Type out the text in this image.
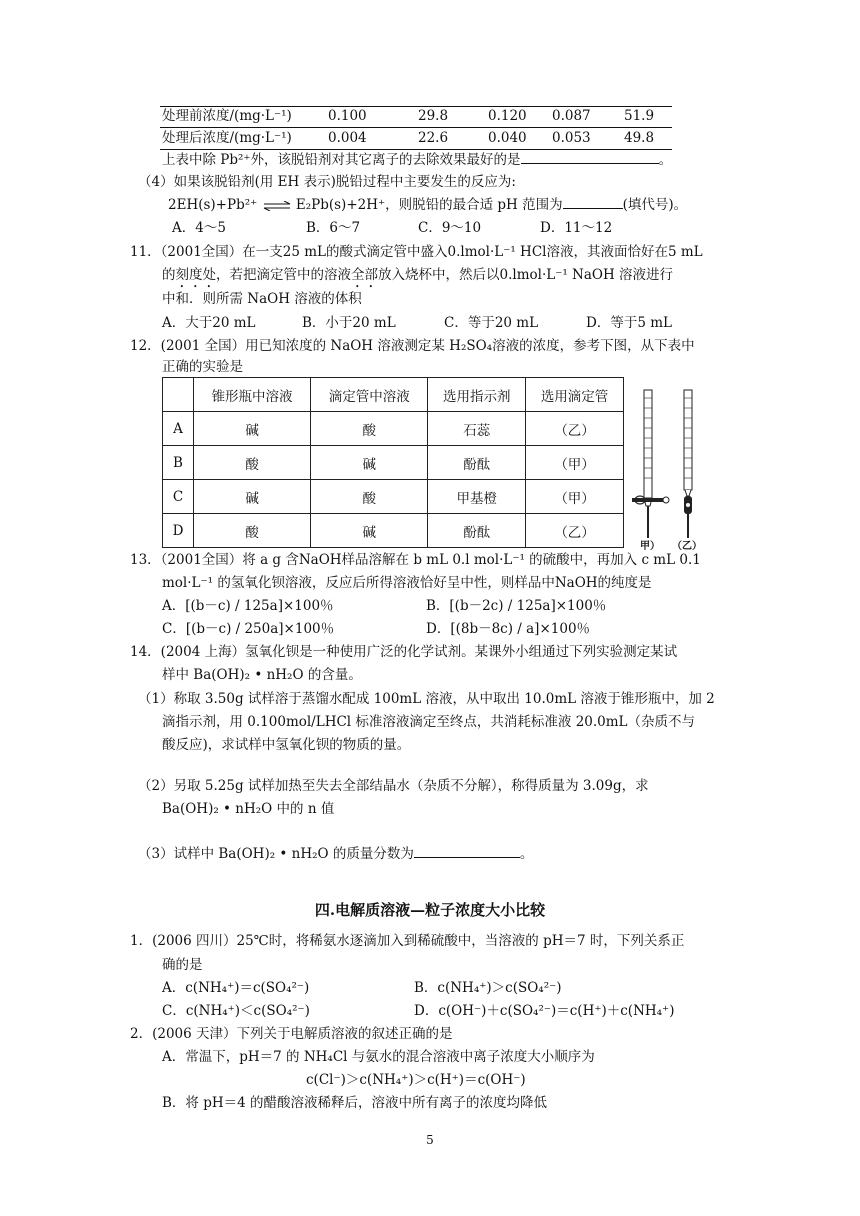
处理前浓度/(mg·L⁻¹)	0.100	29.8	0.120 0.087 51.9
处理后浓度/(mg·L⁻¹)	0.004	22.6	0.040 0.053 49.8
上表中除 Pb²⁺外，该脱铅剂对其它离子的去除效果最好的是	。
（4）如果该脱铅剂(用 EH 表示)脱铅过程中主要发生的反应为:
2EH(s)+Pb²⁺ ⇌ E₂Pb(s)+2H⁺，则脱铅的最合适 pH 范围为	(填代号)。
A．4～5	B．6～7	C．9～10	D．11～12
11．（2001全国）在一支25 mL的酸式滴定管中盛入0.lmol·L⁻¹ HCl溶液，其液面恰好在5 mL
的刻度处，若把滴定管中的溶液全部放入烧杯中，然后以0.lmol·L⁻¹ NaOH 溶液进行
中和．则所需 NaOH 溶液的体积
A．大于20 mL	B．小于20 mL	C．等于20 mL	D．等于5 mL
12．(2001 全国）用已知浓度的 NaOH 溶液测定某 H₂SO₄溶液的浓度，参考下图，从下表中
正确的实验是
	锥形瓶中溶液	滴定管中溶液	选用指示剂	选用滴定管
A	碱	酸	石蕊	（乙）
B	酸	碱	酚酞	（甲）
C	碱	酸	甲基橙	（甲）
D	酸	碱	酚酞	（乙）
甲） （乙）
13．（2001全国）将 a g 含NaOH样品溶解在 b mL 0.l mol·L⁻¹ 的硫酸中，再加入 c mL 0.1
mol·L⁻¹ 的氢氧化钡溶液，反应后所得溶液恰好呈中性，则样品中NaOH的纯度是
A．[(b－c) / 125a]×100％	B．[(b－2c) / 125a]×100％
C．[(b－c) / 250a]×100％	D．[(8b－8c) / a]×100％
14．(2004 上海）氢氧化钡是一种使用广泛的化学试剂。某课外小组通过下列实验测定某试
样中 Ba(OH)₂ • nH₂O 的含量。
（1）称取 3.50g 试样溶于蒸馏水配成 100mL 溶液，从中取出 10.0mL 溶液于锥形瓶中，加 2
滴指示剂，用 0.100mol/LHCl 标准溶液滴定至终点，共消耗标准液 20.0mL（杂质不与
酸反应)，求试样中氢氧化钡的物质的量。
（2）另取 5.25g 试样加热至失去全部结晶水（杂质不分解），称得质量为 3.09g，求
Ba(OH)₂ • nH₂O 中的 n 值
（3）试样中 Ba(OH)₂ • nH₂O 的质量分数为	。
四.电解质溶液—粒子浓度大小比较
1．(2006 四川）25℃时，将稀氨水逐滴加入到稀硫酸中，当溶液的 pH＝7 时，下列关系正
确的是
A．c(NH₄⁺)＝c(SO₄²⁻)	B．c(NH₄⁺)＞c(SO₄²⁻)
C．c(NH₄⁺)＜c(SO₄²⁻)	D．c(OH⁻)＋c(SO₄²⁻)＝c(H⁺)＋c(NH₄⁺)
2．(2006 天津）下列关于电解质溶液的叙述正确的是
A．常温下，pH＝7 的 NH₄Cl 与氨水的混合溶液中离子浓度大小顺序为
c(Cl⁻)＞c(NH₄⁺)＞c(H⁺)＝c(OH⁻)
B．将 pH＝4 的醋酸溶液稀释后，溶液中所有离子的浓度均降低
5
